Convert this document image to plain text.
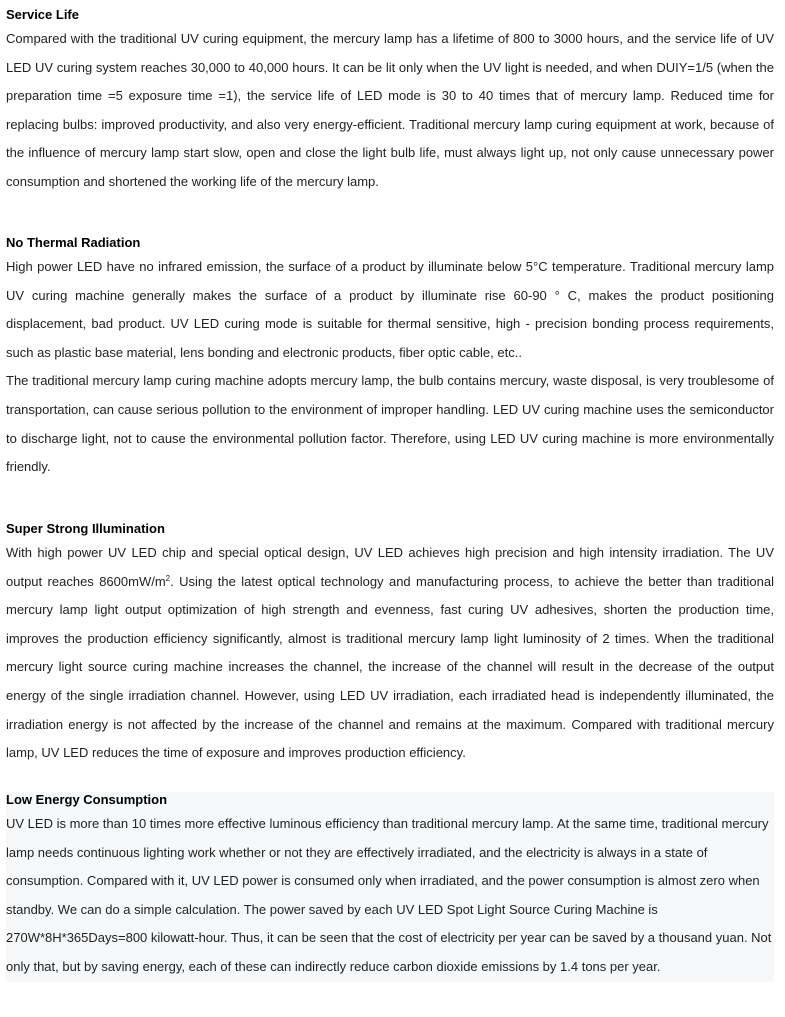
Service Life

Compared with the traditional UV curing equipment, the mercury lamp has a lifetime of 800 to 3000 hours, and the service life of UV LED UV curing system reaches 30,000 to 40,000 hours. It can be lit only when the UV light is needed, and when DUIY=1/5 (when the preparation time =5 exposure time =1), the service life of LED mode is 30 to 40 times that of mercury lamp. Reduced time for replacing bulbs: improved productivity, and also very energy-efficient. Traditional mercury lamp curing equipment at work, because of the influence of mercury lamp start slow, open and close the light bulb life, must always light up, not only cause unnecessary power consumption and shortened the working life of the mercury lamp.

No Thermal Radiation

High power LED have no infrared emission, the surface of a product by illuminate below 5°C temperature. Traditional mercury lamp UV curing machine generally makes the surface of a product by illuminate rise 60-90 ° C, makes the product positioning displacement, bad product. UV LED curing mode is suitable for thermal sensitive, high - precision bonding process requirements, such as plastic base material, lens bonding and electronic products, fiber optic cable, etc..

The traditional mercury lamp curing machine adopts mercury lamp, the bulb contains mercury, waste disposal, is very troublesome of transportation, can cause serious pollution to the environment of improper handling. LED UV curing machine uses the semiconductor to discharge light, not to cause the environmental pollution factor. Therefore, using LED UV curing machine is more environmentally friendly.

Super Strong Illumination

With high power UV LED chip and special optical design, UV LED achieves high precision and high intensity irradiation. The UV output reaches $8600mW/m^2$. Using the latest optical technology and manufacturing process, to achieve the better than traditional mercury lamp light output optimization of high strength and evenness, fast curing UV adhesives, shorten the production time, improves the production efficiency significantly, almost is traditional mercury lamp light luminosity of 2 times. When the traditional mercury light source curing machine increases the channel, the increase of the channel will result in the decrease of the output energy of the single irradiation channel. However, using LED UV irradiation, each irradiated head is independently illuminated, the irradiation energy is not affected by the increase of the channel and remains at the maximum. Compared with traditional mercury lamp, UV LED reduces the time of exposure and improves production efficiency.

Low Energy Consumption

UV LED is more than 10 times more effective luminous efficiency than traditional mercury lamp. At the same time, traditional mercury lamp needs continuous lighting work whether or not they are effectively irradiated, and the electricity is always in a state of consumption. Compared with it, UV LED power is consumed only when irradiated, and the power consumption is almost zero when standby. We can do a simple calculation. The power saved by each UV LED Spot Light Source Curing Machine is 270W*8H*365Days=800 kilowatt-hour. Thus, it can be seen that the cost of electricity per year can be saved by a thousand yuan. Not only that, but by saving energy, each of these can indirectly reduce carbon dioxide emissions by 1.4 tons per year.
